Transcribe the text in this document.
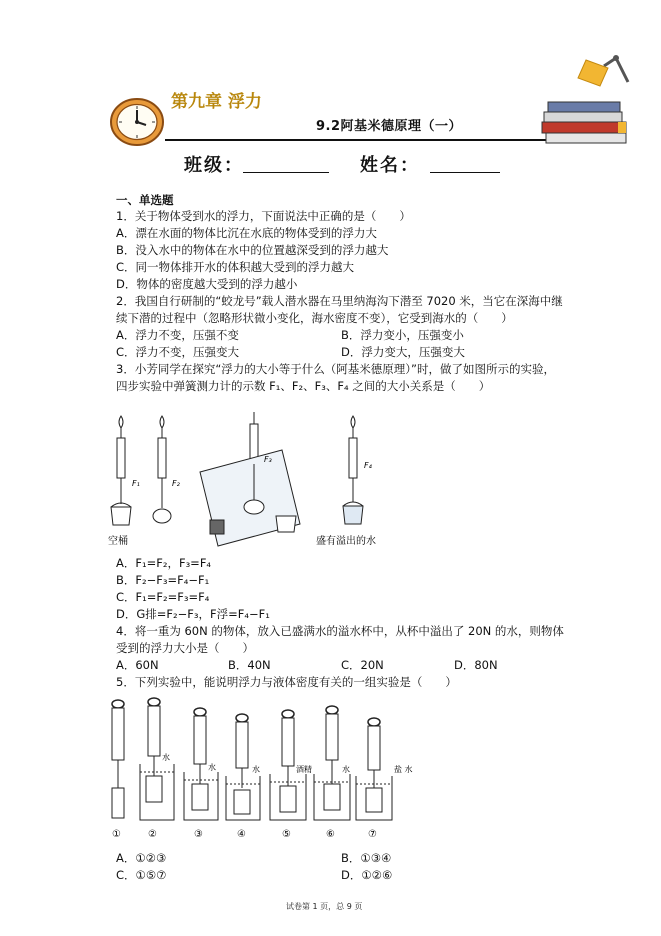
第九章 浮力
9.2阿基米德原理（一）
班级：	姓名：
一、单选题
1．关于物体受到水的浮力，下面说法中正确的是（　　）
A．漂在水面的物体比沉在水底的物体受到的浮力大
B．没入水中的物体在水中的位置越深受到的浮力越大
C．同一物体排开水的体积越大受到的浮力越大
D．物体的密度越大受到的浮力越小
2．我国自行研制的“蛟龙号”载人潜水器在马里纳海沟下潜至 7020 米，当它在深海中继
续下潜的过程中（忽略形状微小变化，海水密度不变），它受到海水的（　　）
A．浮力不变，压强不变	B．浮力变小，压强变小
C．浮力不变，压强变大	D．浮力变大，压强变大
3．小芳同学在探究“浮力的大小等于什么（阿基米德原理）”时，做了如图所示的实验，
四步实验中弹簧测力计的示数 F₁、F₂、F₃、F₄ 之间的大小关系是（　　）
F₁
空桶
F₂
F₃
F₄
盛有溢出的水
A．F₁=F₂，F₃=F₄
B．F₂−F₃=F₄−F₁
C．F₁=F₂=F₃=F₄
D．G排=F₂−F₃，F浮=F₄−F₁
4．将一重为 60N 的物体，放入已盛满水的溢水杯中，从杯中溢出了 20N 的水，则物体
受到的浮力大小是（　　）
A．60N	B．40N	C．20N	D．80N
5．下列实验中，能说明浮力与液体密度有关的一组实验是（　　）
水
水	水	酒精	水	盐 水
①	②	③	④	⑤	⑥	⑦
A．①②③	B．①③④
C．①⑤⑦	D．①②⑥
试卷第 1 页，总 9 页
